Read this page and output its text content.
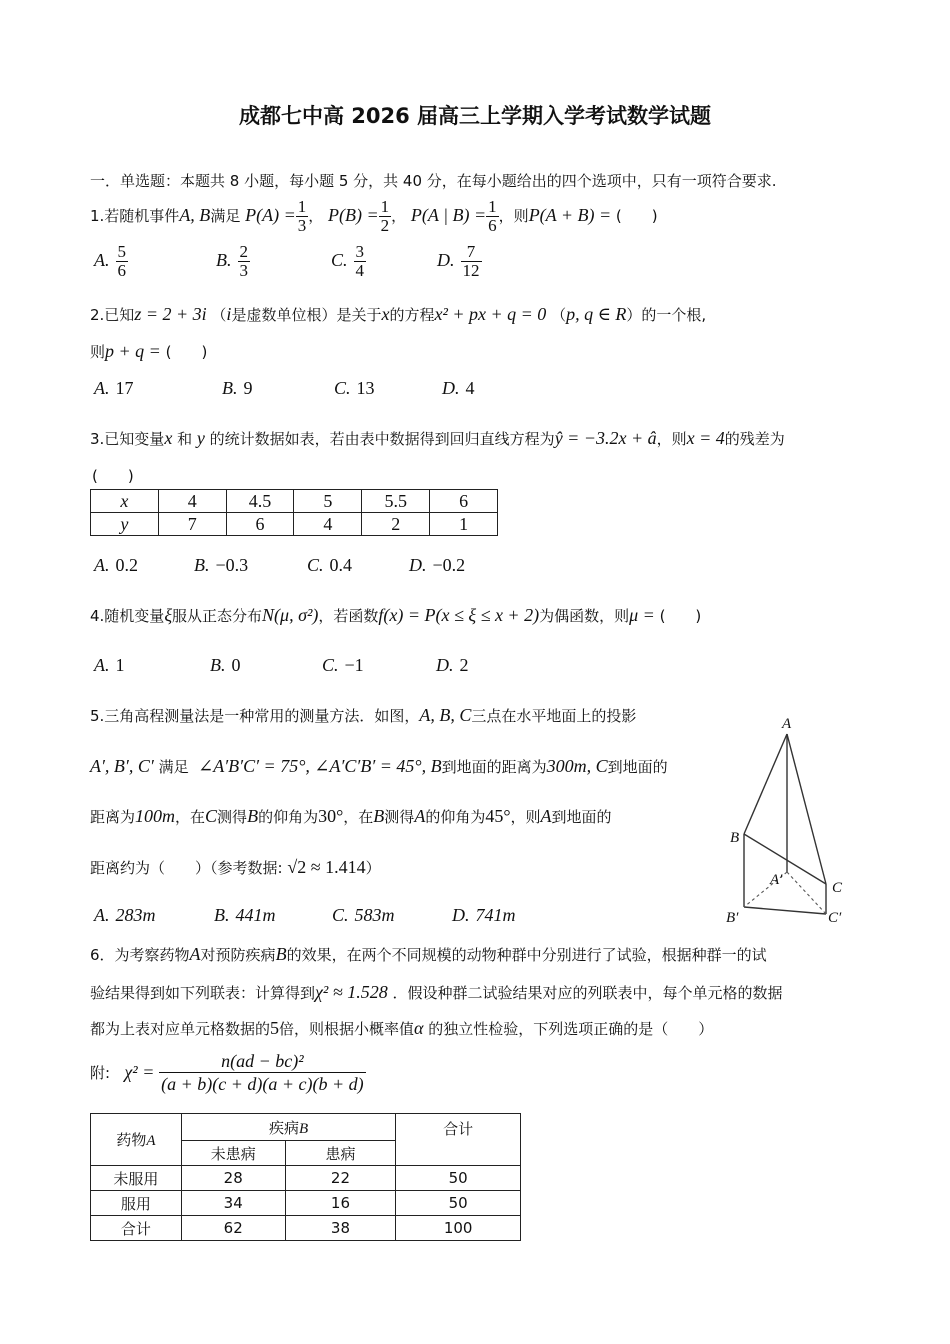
成都七中高 2026 届高三上学期入学考试数学试题
一．单选题：本题共 8 小题，每小题 5 分，共 40 分，在每小题给出的四个选项中，只有一项符合要求.
1.若随机事件A, B满足 $P(A) = \frac{1}{3}$ ， $P(B) = \frac{1}{2}$ ， P(A | $B) = \frac{1}{6}$ ，则P(A + B) = (　　)
A. $\frac{5}{6}$	B. $\frac{2}{3}$	C. $\frac{3}{4}$	D. $\frac{7}{12}$
2.已知z = 2 + 3i （i是虚数单位根）是关于x的方程x² + px + q = 0 （p, q ∈ R）的一个根,
则p + q = (　　)
A. 17	B. 9	C. 13	D. 4
3.已知变量x 和 y 的统计数据如表，若由表中数据得到回归直线方程为ŷ = −3.2x + â，则x = 4的残差为
(　　)
x	4	4.5	5	5.5	6
y	7	6	4	2	1
A. 0.2	B. −0.3	C. 0.4	D. −0.2
4.随机变量ξ服从正态分布N(μ, σ²)，若函数f(x) = P(x ≤ ξ ≤ x + 2)为偶函数，则μ = (　　)
A. 1	B. 0	C. −1	D. 2
5.三角高程测量法是一种常用的测量方法．如图，A, B, C三点在水平地面上的投影
A′, B′, C′ 满足 ∠A′B′C′ = 75°, ∠A′C′B′ = 45°, B到地面的距离为300m, C到地面的
距离为100m，在C测得B的仰角为30°，在B测得A的仰角为45°，则A到地面的
距离约为（　　）（参考数据: √2 ≈ 1.414）
A. 283m	B. 441m	C. 583m	D. 741m
A
B
C
A′
B′	C′
6．为考察药物A对预防疾病B的效果，在两个不同规模的动物种群中分别进行了试验，根据种群一的试
验结果得到如下列联表：计算得到χ² ≈ 1.528 ．假设种群二试验结果对应的列联表中，每个单元格的数据
都为上表对应单元格数据的5倍，则根据小概率值α 的独立性检验，下列选项正确的是（　　）
附: $\chi^2 = \frac{\text{n(ad − bc)²}}{(a + b)(c + d)(a + c)(b + d)}$
药物A	疾病B		合计
	未患病	患病	
未服用	28	22	50
服用	34	16	50
合计	62	38	100
